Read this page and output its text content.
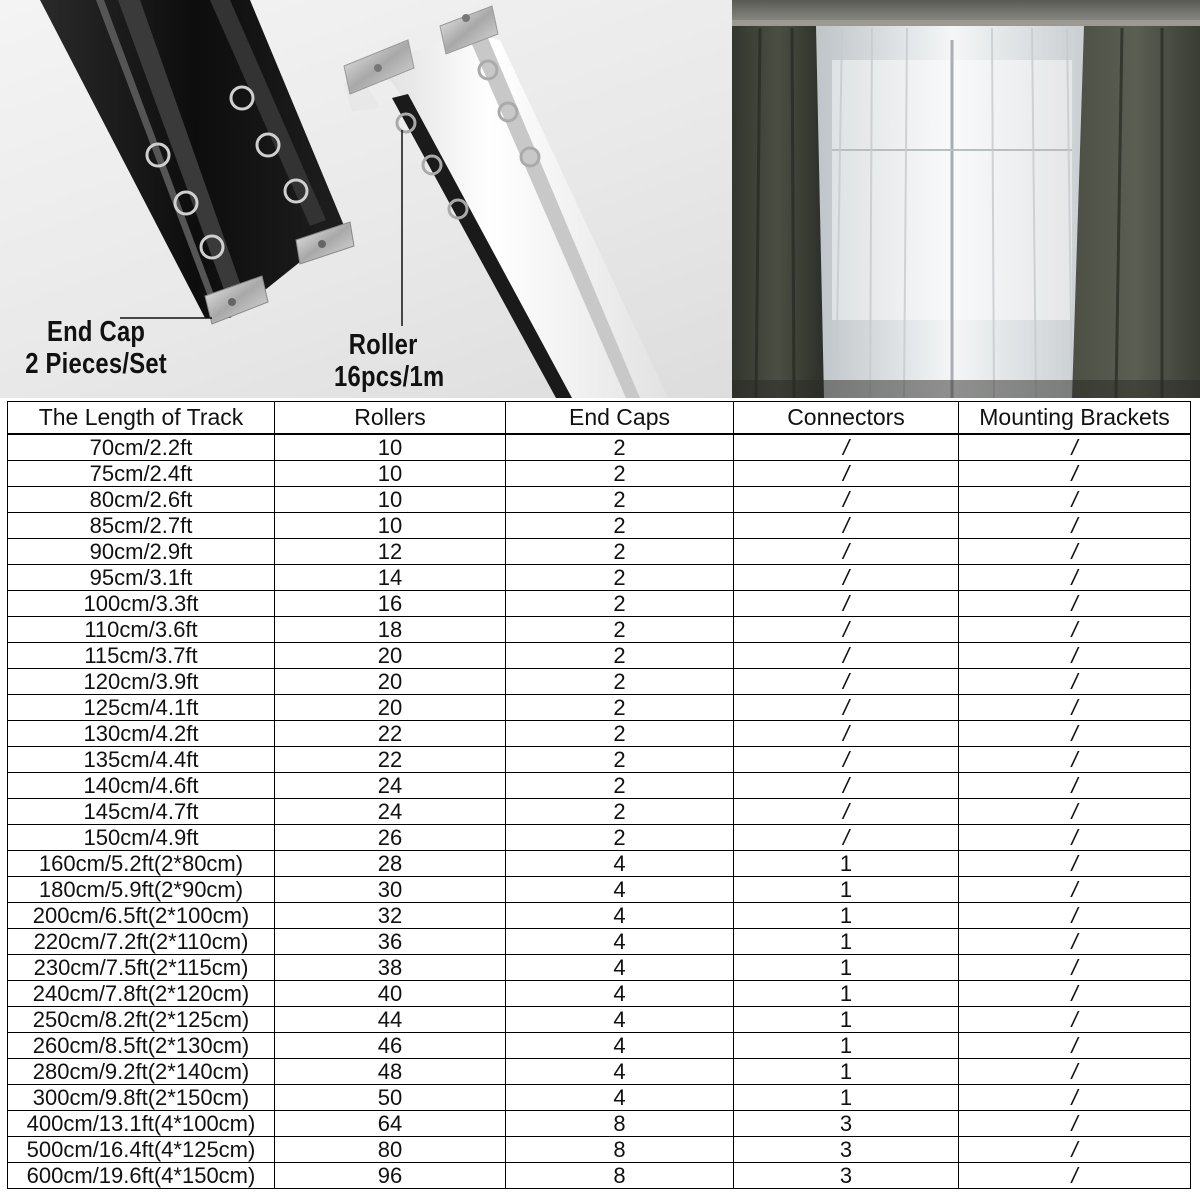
End Cap
2 Pieces/Set
Roller
16pcs/1m
The Length of Track	Rollers	End Caps	Connectors	Mounting Brackets
70cm/2.2ft	10	2	/	/
75cm/2.4ft	10	2	/	/
80cm/2.6ft	10	2	/	/
85cm/2.7ft	10	2	/	/
90cm/2.9ft	12	2	/	/
95cm/3.1ft	14	2	/	/
100cm/3.3ft	16	2	/	/
110cm/3.6ft	18	2	/	/
115cm/3.7ft	20	2	/	/
120cm/3.9ft	20	2	/	/
125cm/4.1ft	20	2	/	/
130cm/4.2ft	22	2	/	/
135cm/4.4ft	22	2	/	/
140cm/4.6ft	24	2	/	/
145cm/4.7ft	24	2	/	/
150cm/4.9ft	26	2	/	/
160cm/5.2ft(2*80cm)	28	4	1	/
180cm/5.9ft(2*90cm)	30	4	1	/
200cm/6.5ft(2*100cm)	32	4	1	/
220cm/7.2ft(2*110cm)	36	4	1	/
230cm/7.5ft(2*115cm)	38	4	1	/
240cm/7.8ft(2*120cm)	40	4	1	/
250cm/8.2ft(2*125cm)	44	4	1	/
260cm/8.5ft(2*130cm)	46	4	1	/
280cm/9.2ft(2*140cm)	48	4	1	/
300cm/9.8ft(2*150cm)	50	4	1	/
400cm/13.1ft(4*100cm)	64	8	3	/
500cm/16.4ft(4*125cm)	80	8	3	/
600cm/19.6ft(4*150cm)	96	8	3	/
